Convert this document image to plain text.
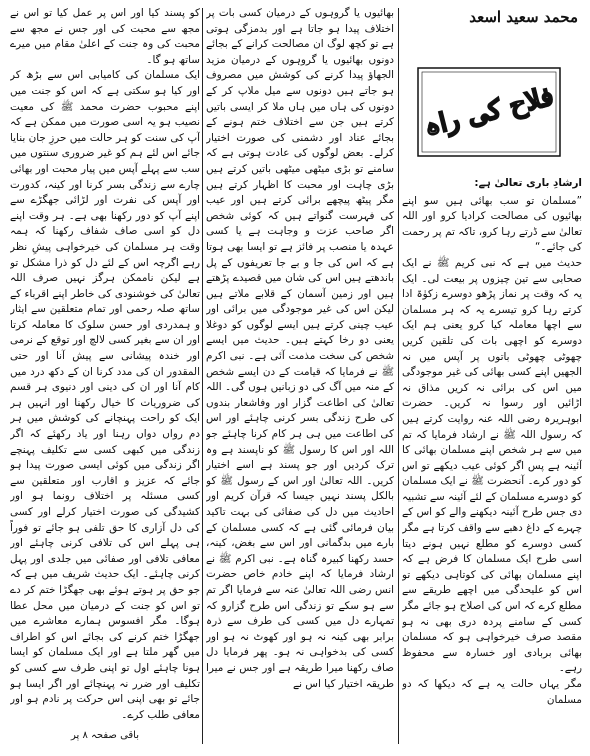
محمد سعید اسعد
فلاح کی راہ

ارشادِ باری تعالیٰ ہے:

”مسلمان تو سب بھائی ہیں سو اپنے بھائیوں کی مصالحت کرادیا کرو اور اللہ تعالیٰ سے ڈرتے رہا کرو، تاکہ تم پر رحمت کی جائے۔“

حدیث میں ہے کہ نبی کریم ﷺ نے ایک صحابی سے تین چیزوں پر بیعت لی۔ ایک یہ کہ وقت پر نماز پڑھو دوسرے زکوٰۃ ادا کرتے رہا کرو تیسرے یہ کہ ہر مسلمان سے اچھا معاملہ کیا کرو یعنی ہم ایک دوسرے کو اچھی بات کی تلقین کریں چھوٹی چھوٹی باتوں پر آپس میں نہ الجھیں اپنے کسی بھائی کی غیر موجودگی میں اس کی برائی نہ کریں مذاق نہ اڑائیں اور رسوا نہ کریں۔ حضرت ابوہریرہ رضی اللہ عنہ روایت کرتے ہیں کہ رسول اللہ ﷺ نے ارشاد فرمایا کہ تم میں سے ہر شخص اپنے مسلمان بھائی کا آئینہ ہے پس اگر کوئی عیب دیکھے تو اس کو دور کرے۔ آنحضرت ﷺ نے ایک مسلمان کو دوسرے مسلمان کے لئے آئینہ سے تشبیہ دی جس طرح آئینہ دیکھنے والے کو اس کے چہرے کے داغ دھبے سے واقف کرتا ہے مگر کسی دوسرے کو مطلع نہیں ہونے دیتا اسی طرح ایک مسلمان کا فرض ہے کہ اپنے مسلمان بھائی کی کوتاہی دیکھے تو اس کو علیحدگی میں اچھے طریقے سے مطلع کرے کہ اس کی اصلاح ہو جائے مگر کسی کے سامنے پردہ دری بھی نہ ہو مقصد صرف خیرخواہی ہو کہ مسلمان بھائی بربادی اور خسارہ سے محفوظ رہے۔

مگر یہاں حالت یہ ہے کہ دیکھا کہ دو مسلمان

بھائیوں یا گروہوں کے درمیان کسی بات پر اختلاف پیدا ہو جاتا ہے اور بدمزگی ہوتی ہے تو کچھ لوگ ان مصالحت کرانے کے بجائے دونوں بھائیوں یا گروہوں کے درمیان مزید الجھاؤ پیدا کرنے کی کوشش میں مصروف ہو جاتے ہیں دونوں سے میل ملاپ کر کے دونوں کی ہاں میں ہاں ملا کر ایسی باتیں کرتے ہیں جن سے اختلاف ختم ہونے کے بجائے عناد اور دشمنی کی صورت اختیار کرلے۔ بعض لوگوں کی عادت ہوتی ہے کہ سامنے تو بڑی میٹھی میٹھی باتیں کرتے ہیں بڑی چاہت اور محبت کا اظہار کرتے ہیں مگر پیٹھ پیچھے برائی کرتے ہیں اور عیب کی فہرست گنواتے ہیں کہ کوئی شخص اگر صاحب عزت و وجاہت ہے یا کسی عہدہ یا منصب پر فائز ہے تو ایسا بھی ہوتا ہے کہ اس کی جا و بے جا تعریفوں کے پل باندھتے ہیں اس کی شان میں قصیدے پڑھتے ہیں اور زمین آسمان کے قلابے ملاتے ہیں لیکن اس کی غیر موجودگی میں برائی اور عیب چینی کرتے ہیں ایسے لوگوں کو دوغلا یعنی دو رخا کہتے ہیں۔ حدیث میں ایسے شخص کی سخت مذمت آئی ہے۔ نبی اکرم ﷺ نے فرمایا کہ قیامت کے دن ایسے شخص کے منہ میں آگ کی دو زبانیں ہوں گی۔ اللہ تعالیٰ کی اطاعت گزار اور وفاشعار بندوں کی طرح زندگی بسر کرنی چاہئے اور اس کی اطاعت میں ہی ہر کام کرنا چاہئے جو اللہ اور اس کا رسول ﷺ کو ناپسند ہے وہ ترک کردیں اور جو پسند ہے اسے اختیار کریں۔ اللہ تعالیٰ اور اس کے رسول ﷺ کو بالکل پسند نہیں جیسا کہ قرآن کریم اور احادیث میں دل کی صفائی کی بہت تاکید بیان فرمائی گئی ہے کہ کسی مسلمان کے بارے میں بدگمانی اور اس سے بغض، کینہ، حسد رکھنا کبیرہ گناہ ہے۔ نبی اکرم ﷺ نے ارشاد فرمایا کہ اپنے خادم خاص حضرت انس رضی اللہ تعالیٰ عنہ سے فرمایا اگر تم سے ہو سکے تو زندگی اس طرح گزارو کہ تمہارے دل میں کسی کی طرف سے ذرہ برابر بھی کینہ نہ ہو اور کھوٹ نہ ہو اور کسی کی بدخواہی نہ ہو۔ پھر فرمایا دل صاف رکھنا میرا طریقہ ہے اور جس نے میرا طریقہ اختیار کیا اس نے

کو پسند کیا اور اس پر عمل کیا تو اس نے مجھ سے محبت کی اور جس نے مجھ سے محبت کی وہ جنت کے اعلیٰ مقام میں میرے ساتھ ہو گا۔

ایک مسلمان کی کامیابی اس سے بڑھ کر اور کیا ہو سکتی ہے کہ اس کو جنت میں اپنے محبوب حضرت محمد ﷺ کی معیت نصیب ہو یہ اسی صورت میں ممکن ہے کہ آپ کی سنت کو ہر حالت میں حرزِ جان بنایا جائے اس لئے ہم کو غیر ضروری سنتوں میں سب سے پہلے آپس میں پیار محبت اور بھائی چارے سے زندگی بسر کرنا اور کینہ، کدورت اور آپس کی نفرت اور لڑائی جھگڑے سے اپنے آپ کو دور رکھنا بھی ہے۔ ہر وقت اپنے دل کو اسی صاف شفاف رکھنا کہ ہمہ وقت ہر مسلمان کی خیرخواہی پیشِ نظر رہے اگرچہ اس کے لئے دل کو ذرا مشکل تو ہے لیکن ناممکن ہرگز نہیں صرف اللہ تعالیٰ کی خوشنودی کی خاطر اپنے اقرباء کے ساتھ صلہ رحمی اور تمام متعلقین سے ایثار و ہمدردی اور حسن سلوک کا معاملہ کرتا اور ان سے بغیر کسی لالچ اور توقع کے نرمی اور خندہ پیشانی سے پیش آنا اور حتی المقدور ان کی مدد کرنا ان کے دکھ درد میں کام آنا اور ان کی دینی اور دنیوی ہر قسم کی ضروریات کا خیال رکھنا اور انہیں ہر ایک کو راحت پہنچانے کی کوشش میں ہر دم رواں دواں رہنا اور یاد رکھئے کہ اگر زندگی میں کبھی کسی سے تکلیف پہنچے اگر زندگی میں کوئی ایسی صورت پیدا ہو جائے کہ عزیز و اقارب اور متعلقین سے کسی مسئلہ پر اختلاف رونما ہو اور کشیدگی کی صورت اختیار کرلے اور کسی کی دل آزاری کا حق تلفی ہو جائے تو فوراً ہی پہلے اس کی تلافی کرنی چاہئے اور معافی تلافی اور صفائی میں جلدی اور پہل کرنی چاہئے۔ ایک حدیث شریف میں ہے کہ جو حق پر ہوتے ہوئے بھی جھگڑا ختم کر دے تو اس کو جنت کے درمیان میں محل عطا ہوگا۔ مگر افسوس ہمارے معاشرے میں جھگڑا ختم کرنے کی بجائے اس کو اطراف میں گھر ملتا ہے اور ایک مسلمان کو ایسا ہونا چاہئے اول تو اپنی طرف سے کسی کو تکلیف اور ضرر نہ پہنچائے اور اگر ایسا ہو جائے تو بھی اپنی اس حرکت پر نادم ہو اور معافی طلب کرے۔

باقی صفحہ ۸ پر
